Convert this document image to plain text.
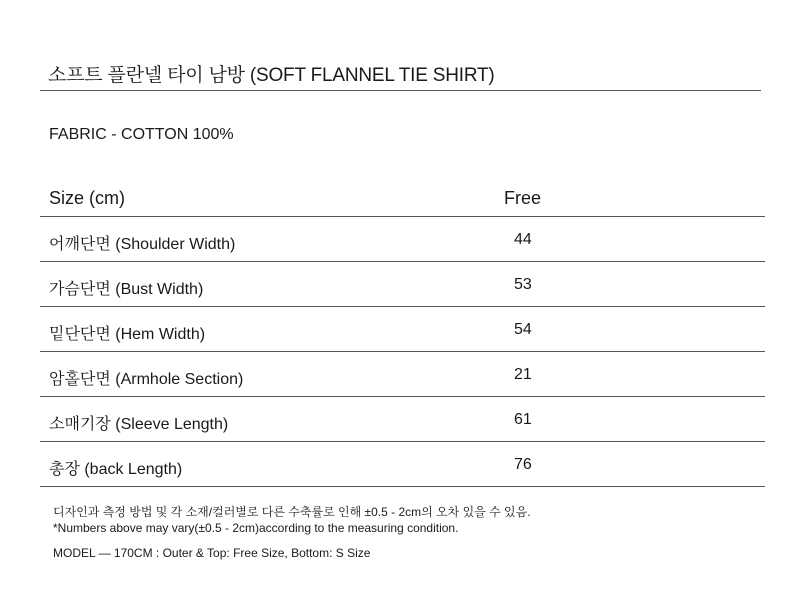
소프트 플란넬 타이 남방 (SOFT FLANNEL TIE SHIRT)
FABRIC - COTTON 100%
Size (cm)	Free
어깨단면 (Shoulder Width)	44
가슴단면 (Bust Width)	53
밑단단면 (Hem Width)	54
암홀단면 (Armhole Section)	21
소매기장 (Sleeve Length)	61
총장 (back Length)	76
디자인과 측정 방법 및 각 소재/컬러별로 다른 수축률로 인해 ±0.5 - 2cm의 오차 있을 수 있음.
*Numbers above may vary(±0.5 - 2cm)according to the measuring condition.
MODEL — 170CM : Outer & Top: Free Size, Bottom: S Size
